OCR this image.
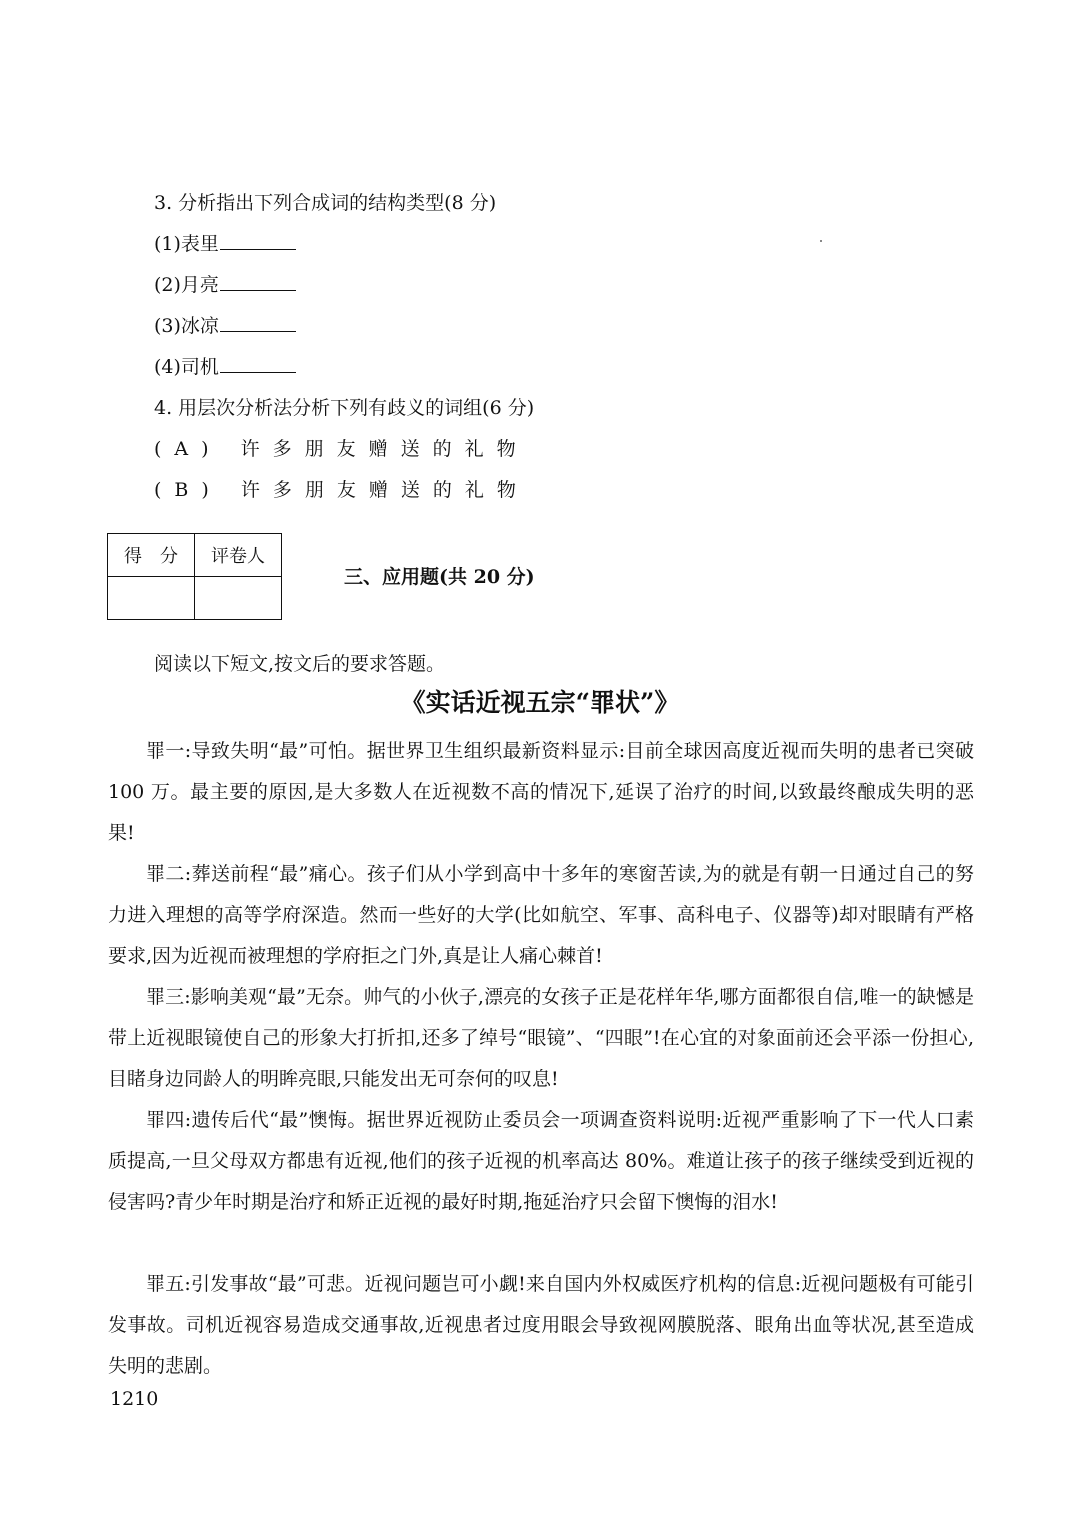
3. 分析指出下列合成词的结构类型(8 分)
(1)表里
(2)月亮
(3)冰凉
(4)司机
4. 用层次分析法分析下列有歧义的词组(6 分)
(A) 许多朋友赠送的礼物
(B) 许多朋友赠送的礼物
得　分	评卷人

三、应用题(共 20 分)
阅读以下短文,按文后的要求答题。
《实话近视五宗“罪状”》

罪一:导致失明“最”可怕。据世界卫生组织最新资料显示:目前全球因高度近视而失明的患者已突破 100 万。最主要的原因,是大多数人在近视数不高的情况下,延误了治疗的时间,以致最终酿成失明的恶果!

罪二:葬送前程“最”痛心。孩子们从小学到高中十多年的寒窗苦读,为的就是有朝一日通过自己的努力进入理想的高等学府深造。然而一些好的大学(比如航空、军事、高科电子、仪器等)却对眼睛有严格要求,因为近视而被理想的学府拒之门外,真是让人痛心棘首!

罪三:影响美观“最”无奈。帅气的小伙子,漂亮的女孩子正是花样年华,哪方面都很自信,唯一的缺憾是带上近视眼镜使自己的形象大打折扣,还多了绰号“眼镜”、“四眼”!在心宜的对象面前还会平添一份担心,目睹身边同龄人的明眸亮眼,只能发出无可奈何的叹息!

罪四:遗传后代“最”懊悔。据世界近视防止委员会一项调查资料说明:近视严重影响了下一代人口素质提高,一旦父母双方都患有近视,他们的孩子近视的机率高达 80%。难道让孩子的孩子继续受到近视的侵害吗?青少年时期是治疗和矫正近视的最好时期,拖延治疗只会留下懊悔的泪水!

罪五:引发事故“最”可悲。近视问题岂可小觑!来自国内外权威医疗机构的信息:近视问题极有可能引发事故。司机近视容易造成交通事故,近视患者过度用眼会导致视网膜脱落、眼角出血等状况,甚至造成失明的悲剧。

1210
